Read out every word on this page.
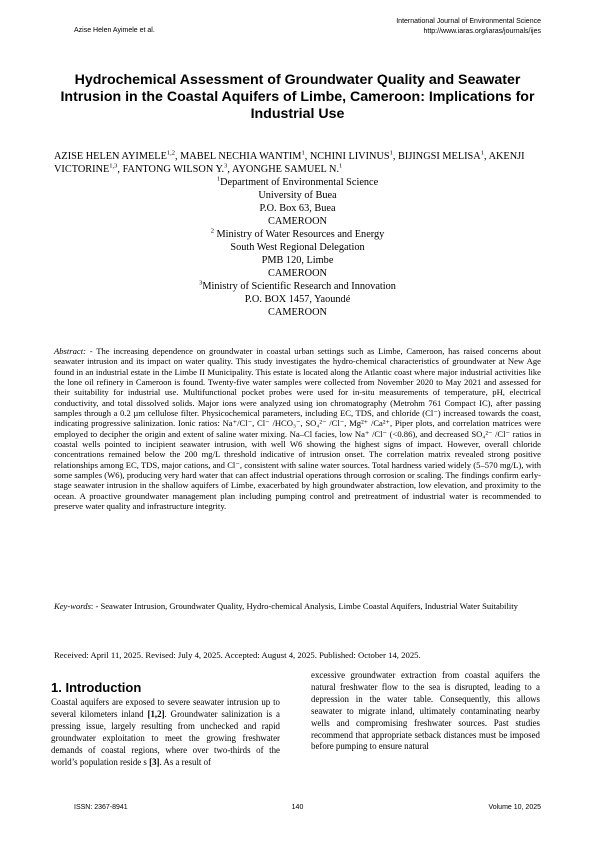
Azise Helen Ayimele et al.
International Journal of Environmental Science
http://www.iaras.org/iaras/journals/ijes
Hydrochemical Assessment of Groundwater Quality and Seawater Intrusion in the Coastal Aquifers of Limbe, Cameroon: Implications for Industrial Use
AZISE HELEN AYIMELE$^{1,2}$, MABEL NECHIA WANTIM$^1$, NCHINI LIVINUS$^1$, BIJINGSI MELISA$^1$, AKENJI VICTORINE$^{1,3}$, FANTONG WILSON Y.$^3$, AYONGHE SAMUEL N.$^1$
$^1$Department of Environmental Science
University of Buea
P.O. Box 63, Buea
CAMEROON
$^2$ Ministry of Water Resources and Energy
South West Regional Delegation
PMB 120, Limbe
CAMEROON
$^3$Ministry of Scientific Research and Innovation
P.O. BOX 1457, Yaoundé
CAMEROON
Abstract: - The increasing dependence on groundwater in coastal urban settings such as Limbe, Cameroon, has raised concerns about seawater intrusion and its impact on water quality. This study investigates the hydro-chemical characteristics of groundwater at New Age found in an industrial estate in the Limbe II Municipality. This estate is located along the Atlantic coast where major industrial activities like the lone oil refinery in Cameroon is found. Twenty-five water samples were collected from November 2020 to May 2021 and assessed for their suitability for industrial use. Multifunctional pocket probes were used for in-situ measurements of temperature, pH, electrical conductivity, and total dissolved solids. Major ions were analyzed using ion chromatography (Metrohm 761 Compact IC), after passing samples through a 0.2 µm cellulose filter. Physicochemical parameters, including EC, TDS, and chloride (Cl⁻) increased towards the coast, indicating progressive salinization. Ionic ratios: Na⁺/Cl⁻, Cl⁻ /HCO₃⁻, SO₄²⁻ /Cl⁻, Mg²⁺ /Ca²⁺, Piper plots, and correlation matrices were employed to decipher the origin and extent of saline water mixing. Na–Cl facies, low Na⁺ /Cl⁻ (<0.86), and decreased SO₄²⁻ /Cl⁻ ratios in coastal wells pointed to incipient seawater intrusion, with well W6 showing the highest signs of impact. However, overall chloride concentrations remained below the 200 mg/L threshold indicative of intrusion onset. The correlation matrix revealed strong positive relationships among EC, TDS, major cations, and Cl⁻, consistent with saline water sources. Total hardness varied widely (5–570 mg/L), with some samples (W6), producing very hard water that can affect industrial operations through corrosion or scaling. The findings confirm early-stage seawater intrusion in the shallow aquifers of Limbe, exacerbated by high groundwater abstraction, low elevation, and proximity to the ocean. A proactive groundwater management plan including pumping control and pretreatment of industrial water is recommended to preserve water quality and infrastructure integrity.
Key-words: - Seawater Intrusion, Groundwater Quality, Hydro-chemical Analysis, Limbe Coastal Aquifers, Industrial Water Suitability
Received: April 11, 2025. Revised: July 4, 2025. Accepted: August 4, 2025. Published: October 14, 2025.
1. Introduction

Coastal aquifers are exposed to severe seawater intrusion up to several kilometers inland [1,2]. Groundwater salinization is a pressing issue, largely resulting from unchecked and rapid groundwater exploitation to meet the growing freshwater demands of coastal regions, where over two-thirds of the world’s population reside s [3]. As a result of

excessive groundwater extraction from coastal aquifers the natural freshwater flow to the sea is disrupted, leading to a depression in the water table. Consequently, this allows seawater to migrate inland, ultimately contaminating nearby wells and compromising freshwater sources. Past studies recommend that appropriate setback distances must be imposed before pumping to ensure natural

ISSN: 2367-8941	140	Volume 10, 2025
